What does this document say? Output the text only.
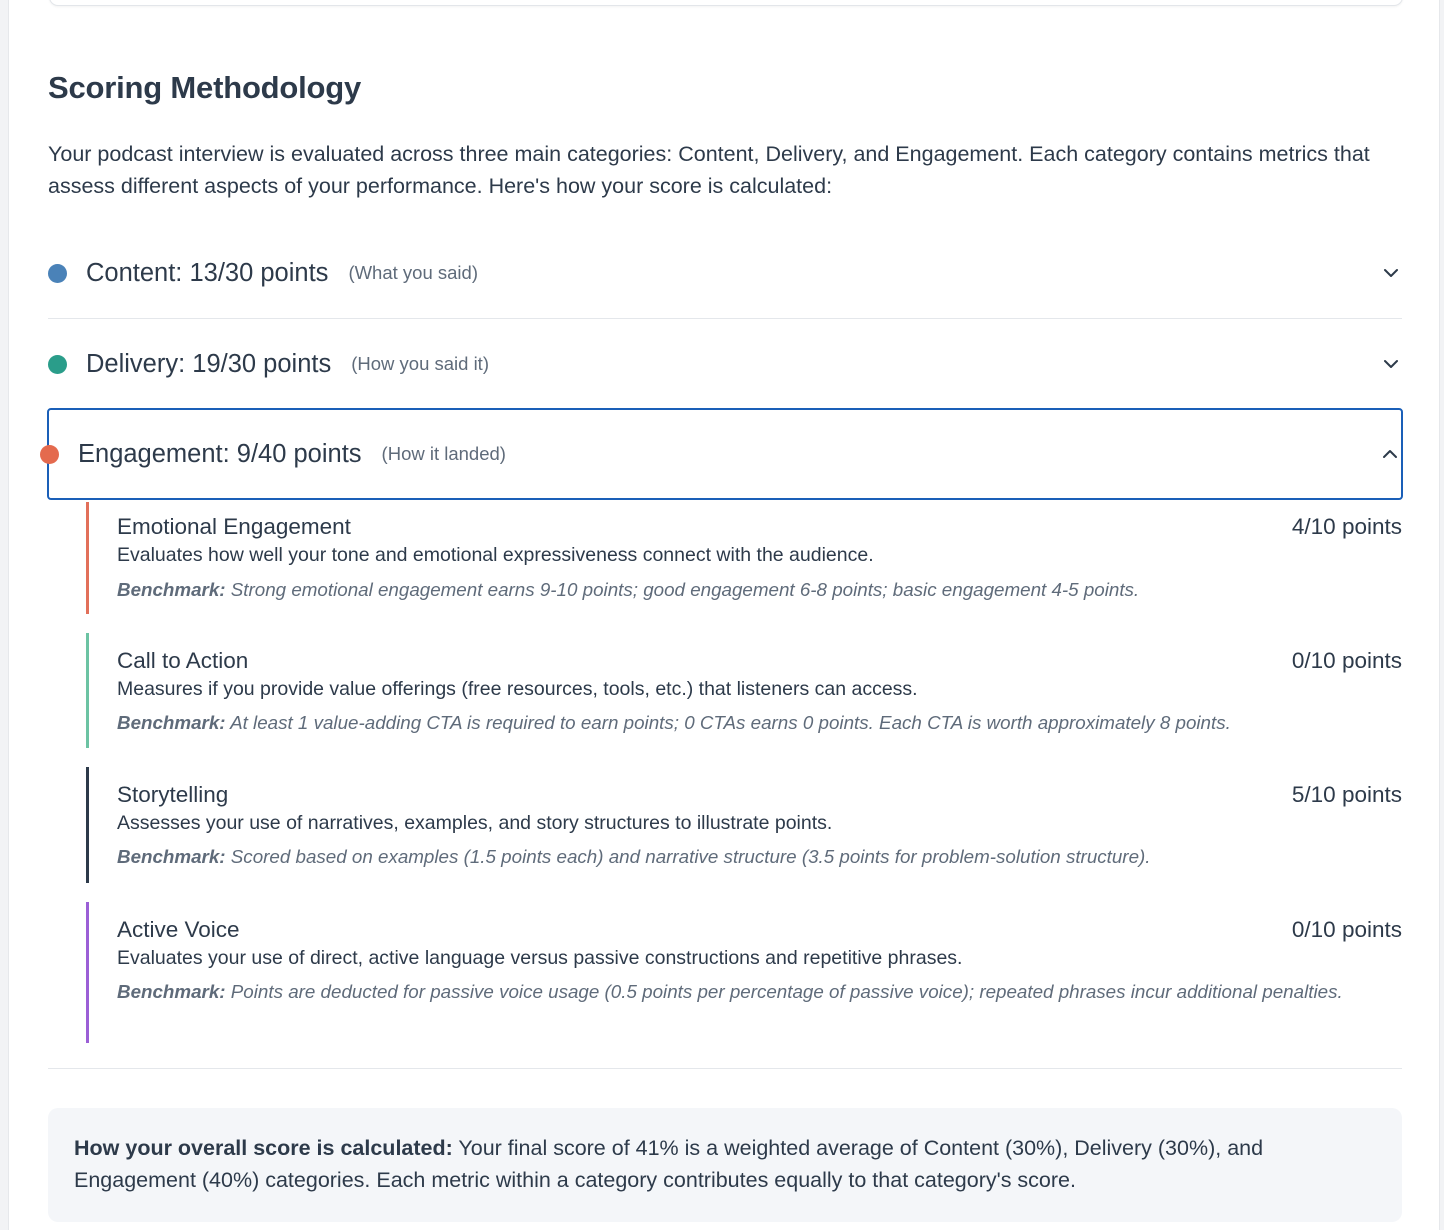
Scoring Methodology

Your podcast interview is evaluated across three main categories: Content, Delivery, and Engagement. Each category contains metrics that assess different aspects of your performance. Here's how your score is calculated:

Content: 13/30 points (What you said)
Delivery: 19/30 points (How you said it)
Engagement: 9/40 points (How it landed)
Emotional Engagement	4/10 points
Evaluates how well your tone and emotional expressiveness connect with the audience.
Benchmark: Strong emotional engagement earns 9-10 points; good engagement 6-8 points; basic engagement 4-5 points.
Call to Action	0/10 points
Measures if you provide value offerings (free resources, tools, etc.) that listeners can access.
Benchmark: At least 1 value-adding CTA is required to earn points; 0 CTAs earns 0 points. Each CTA is worth approximately 8 points.
Storytelling	5/10 points
Assesses your use of narratives, examples, and story structures to illustrate points.
Benchmark: Scored based on examples (1.5 points each) and narrative structure (3.5 points for problem-solution structure).
Active Voice	0/10 points
Evaluates your use of direct, active language versus passive constructions and repetitive phrases.
Benchmark: Points are deducted for passive voice usage (0.5 points per percentage of passive voice); repeated phrases incur additional penalties.
How your overall score is calculated: Your final score of 41% is a weighted average of Content (30%), Delivery (30%), and Engagement (40%) categories. Each metric within a category contributes equally to that category's score.
